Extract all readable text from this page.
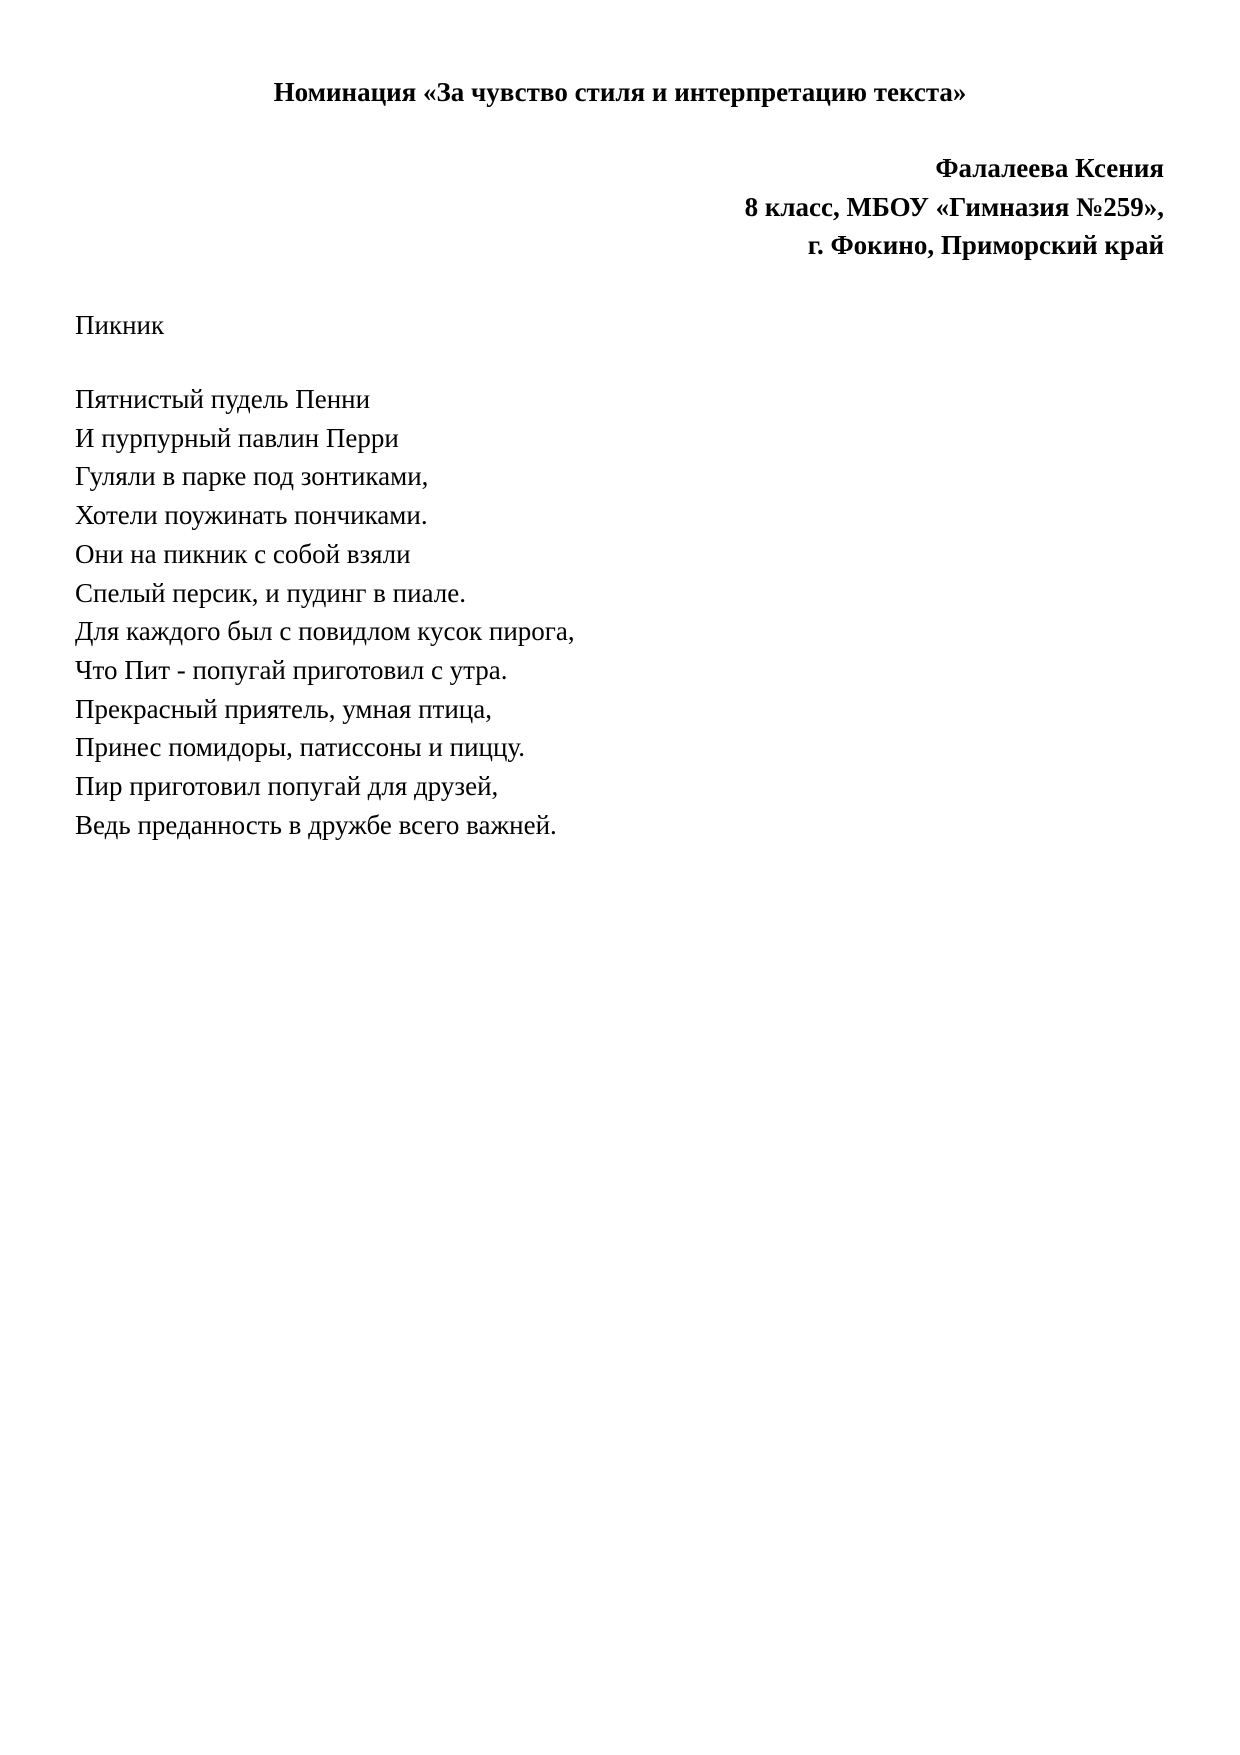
Номинация «За чувство стиля и интерпретацию текста»
Фалалеева Ксения
8 класс, МБОУ «Гимназия №259»,
г. Фокино, Приморский край

Пикник

Пятнистый пудель Пенни
И пурпурный павлин Перри
Гуляли в парке под зонтиками,
Хотели поужинать пончиками.
Они на пикник с собой взяли
Спелый персик, и пудинг в пиале.
Для каждого был с повидлом кусок пирога,
Что Пит - попугай приготовил с утра.
Прекрасный приятель, умная птица,
Принес помидоры, патиссоны и пиццу.
Пир приготовил попугай для друзей,
Ведь преданность в дружбе всего важней.
